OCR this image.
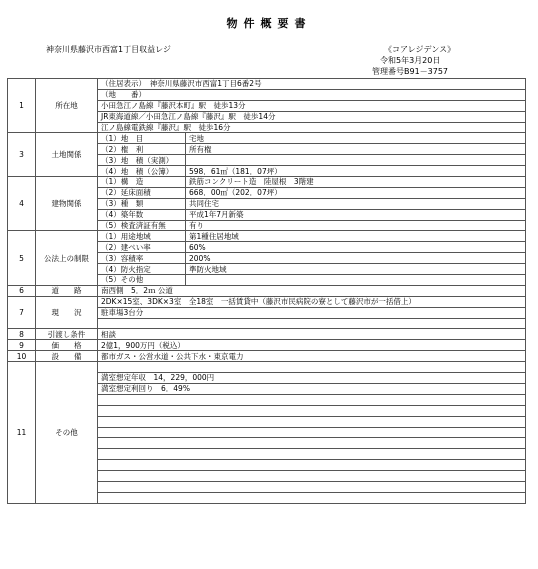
物件概要書
神奈川県藤沢市西富1丁目収益レジ	《コアレジデンス》
令和5年3月20日
管理番号B91－3757
1	所在地	（住居表示）　神奈川県藤沢市西富1丁目6番2号	
		（地　　番）	
		小田急江ノ島線『藤沢本町』駅　徒歩13分	
		JR東海道線／小田急江ノ島線『藤沢』駅　徒歩14分	
		江ノ島線電鉄線『藤沢』駅　徒歩16分	
3	土地関係	（1）地　目	宅地
		（2）権　利	所有権
		（3）地　積（実測）	
		（4）地　積（公簿）	598．61㎡（181．07坪）
4	建物関係	（1）構　造	鉄筋コンクリート造　陸屋根　3階建
		（2）延床面積	668．00㎡（202．07坪）
		（3）種　類	共同住宅
		（4）築年数	平成1年7月新築
		（5）検査済証有無	有り
5	公法上の制限	（1）用途地域	第1種住居地域
		（2）建ぺい率	60%
		（3）容積率	200%
		（4）防火指定	準防火地域
		（5）その他	
6	道　　路	南西側　5．2ｍ 公道	
7	現　　況	2DK×15室、3DK×3室　全18室　一括賃貸中（藤沢市民病院の寮として藤沢市が一括借上）	
		駐車場3台分	

8	引渡し条件	相談	
9	価　　格	2億1，900万円（税込）	
10	設　　備	都市ガス・公営水道・公共下水・東京電力	
11	その他		
		満室想定年収　14，229，000円	
		満室想定利回り　6．49%	
